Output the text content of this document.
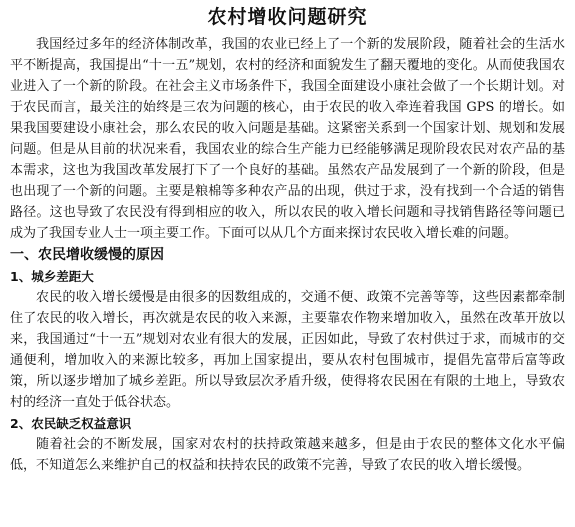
农村增收问题研究

我国经过多年的经济体制改革，我国的农业已经上了一个新的发展阶段，随着社会的生活水平不断提高，我国提出“十一五”规划，农村的经济和面貌发生了翻天覆地的变化。从而使我国农业进入了一个新的阶段。在社会主义市场条件下，我国全面建设小康社会做了一个长期计划。对于农民而言，最关注的始终是三农为问题的核心，由于农民的收入牵连着我国 GPS 的增长。如果我国要建设小康社会，那么农民的收入问题是基础。这紧密关系到一个国家计划、规划和发展问题。但是从目前的状况来看，我国农业的综合生产能力已经能够满足现阶段农民对农产品的基本需求，这也为我国改革发展打下了一个良好的基础。虽然农产品发展到了一个新的阶段，但是也出现了一个新的问题。主要是粮棉等多种农产品的出现，供过于求，没有找到一个合适的销售路径。这也导致了农民没有得到相应的收入，所以农民的收入增长问题和寻找销售路径等问题已成为了我国专业人士一项主要工作。下面可以从几个方面来探讨农民收入增长难的问题。

一、农民增收缓慢的原因
1、城乡差距大

农民的收入增长缓慢是由很多的因数组成的，交通不便、政策不完善等等，这些因素都牵制住了农民的收入增长，再次就是农民的收入来源，主要靠农作物来增加收入，虽然在改革开放以来，我国通过“十一五”规划对农业有很大的发展，正因如此，导致了农村供过于求，而城市的交通便利，增加收入的来源比较多，再加上国家提出，要从农村包围城市，提倡先富带后富等政策，所以逐步增加了城乡差距。所以导致层次矛盾升级，使得将农民困在有限的土地上，导致农村的经济一直处于低谷状态。

2、农民缺乏权益意识

随着社会的不断发展，国家对农村的扶持政策越来越多，但是由于农民的整体文化水平偏低，不知道怎么来维护自己的权益和扶持农民的政策不完善，导致了农民的收入增长缓慢。
